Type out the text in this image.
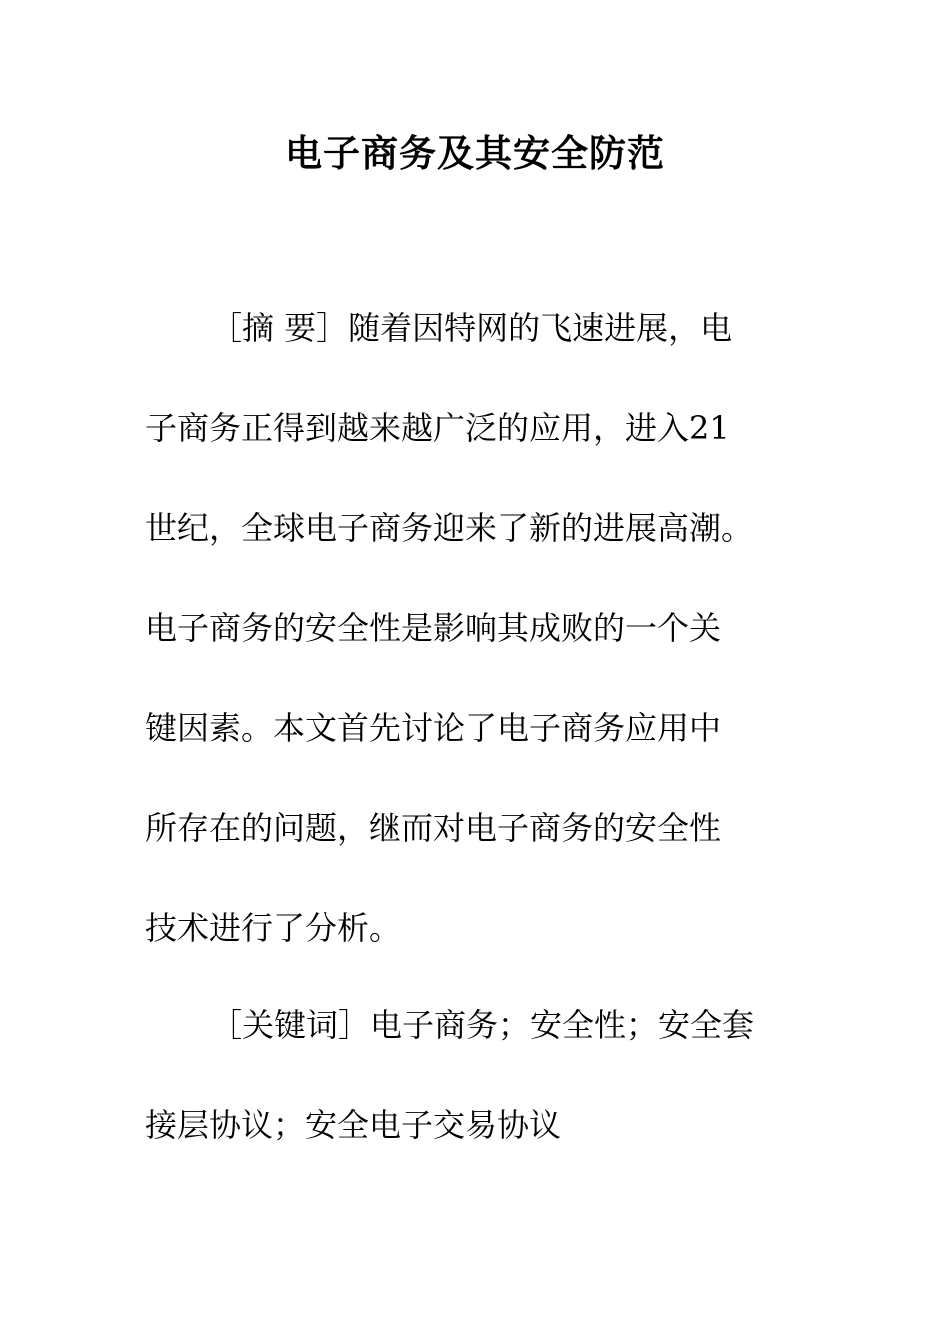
电子商务及其安全防范
［摘 要］随着因特网的飞速进展，电
子商务正得到越来越广泛的应用，进入21
世纪，全球电子商务迎来了新的进展高潮。
电子商务的安全性是影响其成败的一个关
键因素。本文首先讨论了电子商务应用中
所存在的问题，继而对电子商务的安全性
技术进行了分析。
［关键词］电子商务；安全性；安全套
接层协议；安全电子交易协议
